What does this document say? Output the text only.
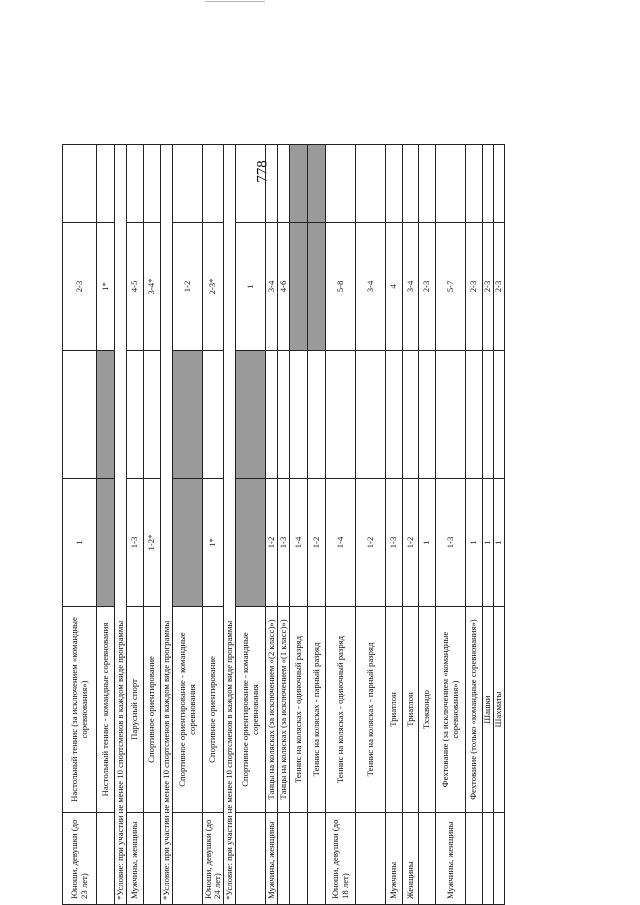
778
Юноши, девушки (до 23 лет)	Настольный теннис (за исключением «командные соревнования»)	1		2-3	
	Настольный теннис - командные соревнования			1*	
*Условие: при участии не менее 10 спортсменов в каждом виде программы					
Мужчины, женщины	Парусный спорт	1-3		4-5	
	Спортивное ориентирование	1-2*		3-4*	
*Условие: при участии не менее 10 спортсменов в каждом виде программы					
	Спортивное ориентирование - командные соревнования			1-2	
Юноши, девушки (до 24 лет)	Спортивное ориентирование	1*		2-3*	
*Условие: при участии не менее 10 спортсменов в каждом виде программы					
	Спортивное ориентирование - командные соревнования			1	
Мужчины, женщины	Танцы на колясках (за исключением «(2 класс)»)	1-2		3-4	
	Танцы на колясках (за исключением «(1 класс)»)	1-3		4-6	
	Теннис на колясках - одиночный разряд	1-4			
	Теннис на колясках - парный разряд	1-2			
Юноши, девушки (до 18 лет)	Теннис на колясках - одиночный разряд	1-4		5-8	
	Теннис на колясках - парный разряд	1-2		3-4	
Мужчины	Триатлон	1-3		4	
Женщины	Триатлон	1-2		3-4	
	Тхэквондо	1		2-3	
Мужчины, женщины	Фехтование (за исключением «командные соревнования»)	1-3		5-7	
	Фехтование (только «командные соревнования»)	1		2-3	
	Шашки	1		2-3	
	Шахматы	1		2-3	
